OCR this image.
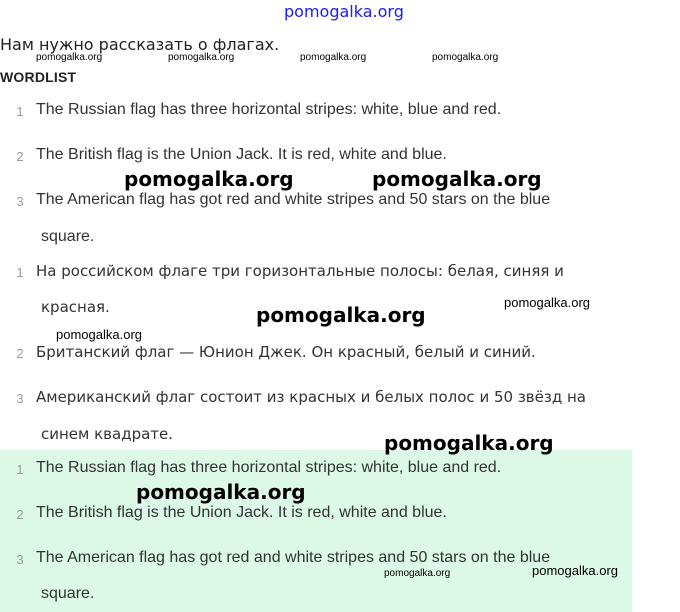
pomogalka.org
Нам нужно рассказать о флагах.
WORDLIST
pomogalka.org	pomogalka.org	pomogalka.org	pomogalka.org
1 The Russian flag has three horizontal stripes: white, blue and red.
2 The British flag is the Union Jack. It is red, white and blue.
3 The American flag has got red and white stripes and 50 stars on the blue
square.
1 На российском флаге три горизонтальные полосы: белая, синяя и
красная.
2 Британский флаг — Юнион Джек. Он красный, белый и синий.
3 Американский флаг состоит из красных и белых полос и 50 звёзд на
синем квадрате.
1 The Russian flag has three horizontal stripes: white, blue and red.
2 The British flag is the Union Jack. It is red, white and blue.
3 The American flag has got red and white stripes and 50 stars on the blue
square.
pomogalka.org	pomogalka.org
pomogalka.org
pomogalka.org
pomogalka.org
pomogalka.org
pomogalka.org
pomogalka.org
pomogalka.org
